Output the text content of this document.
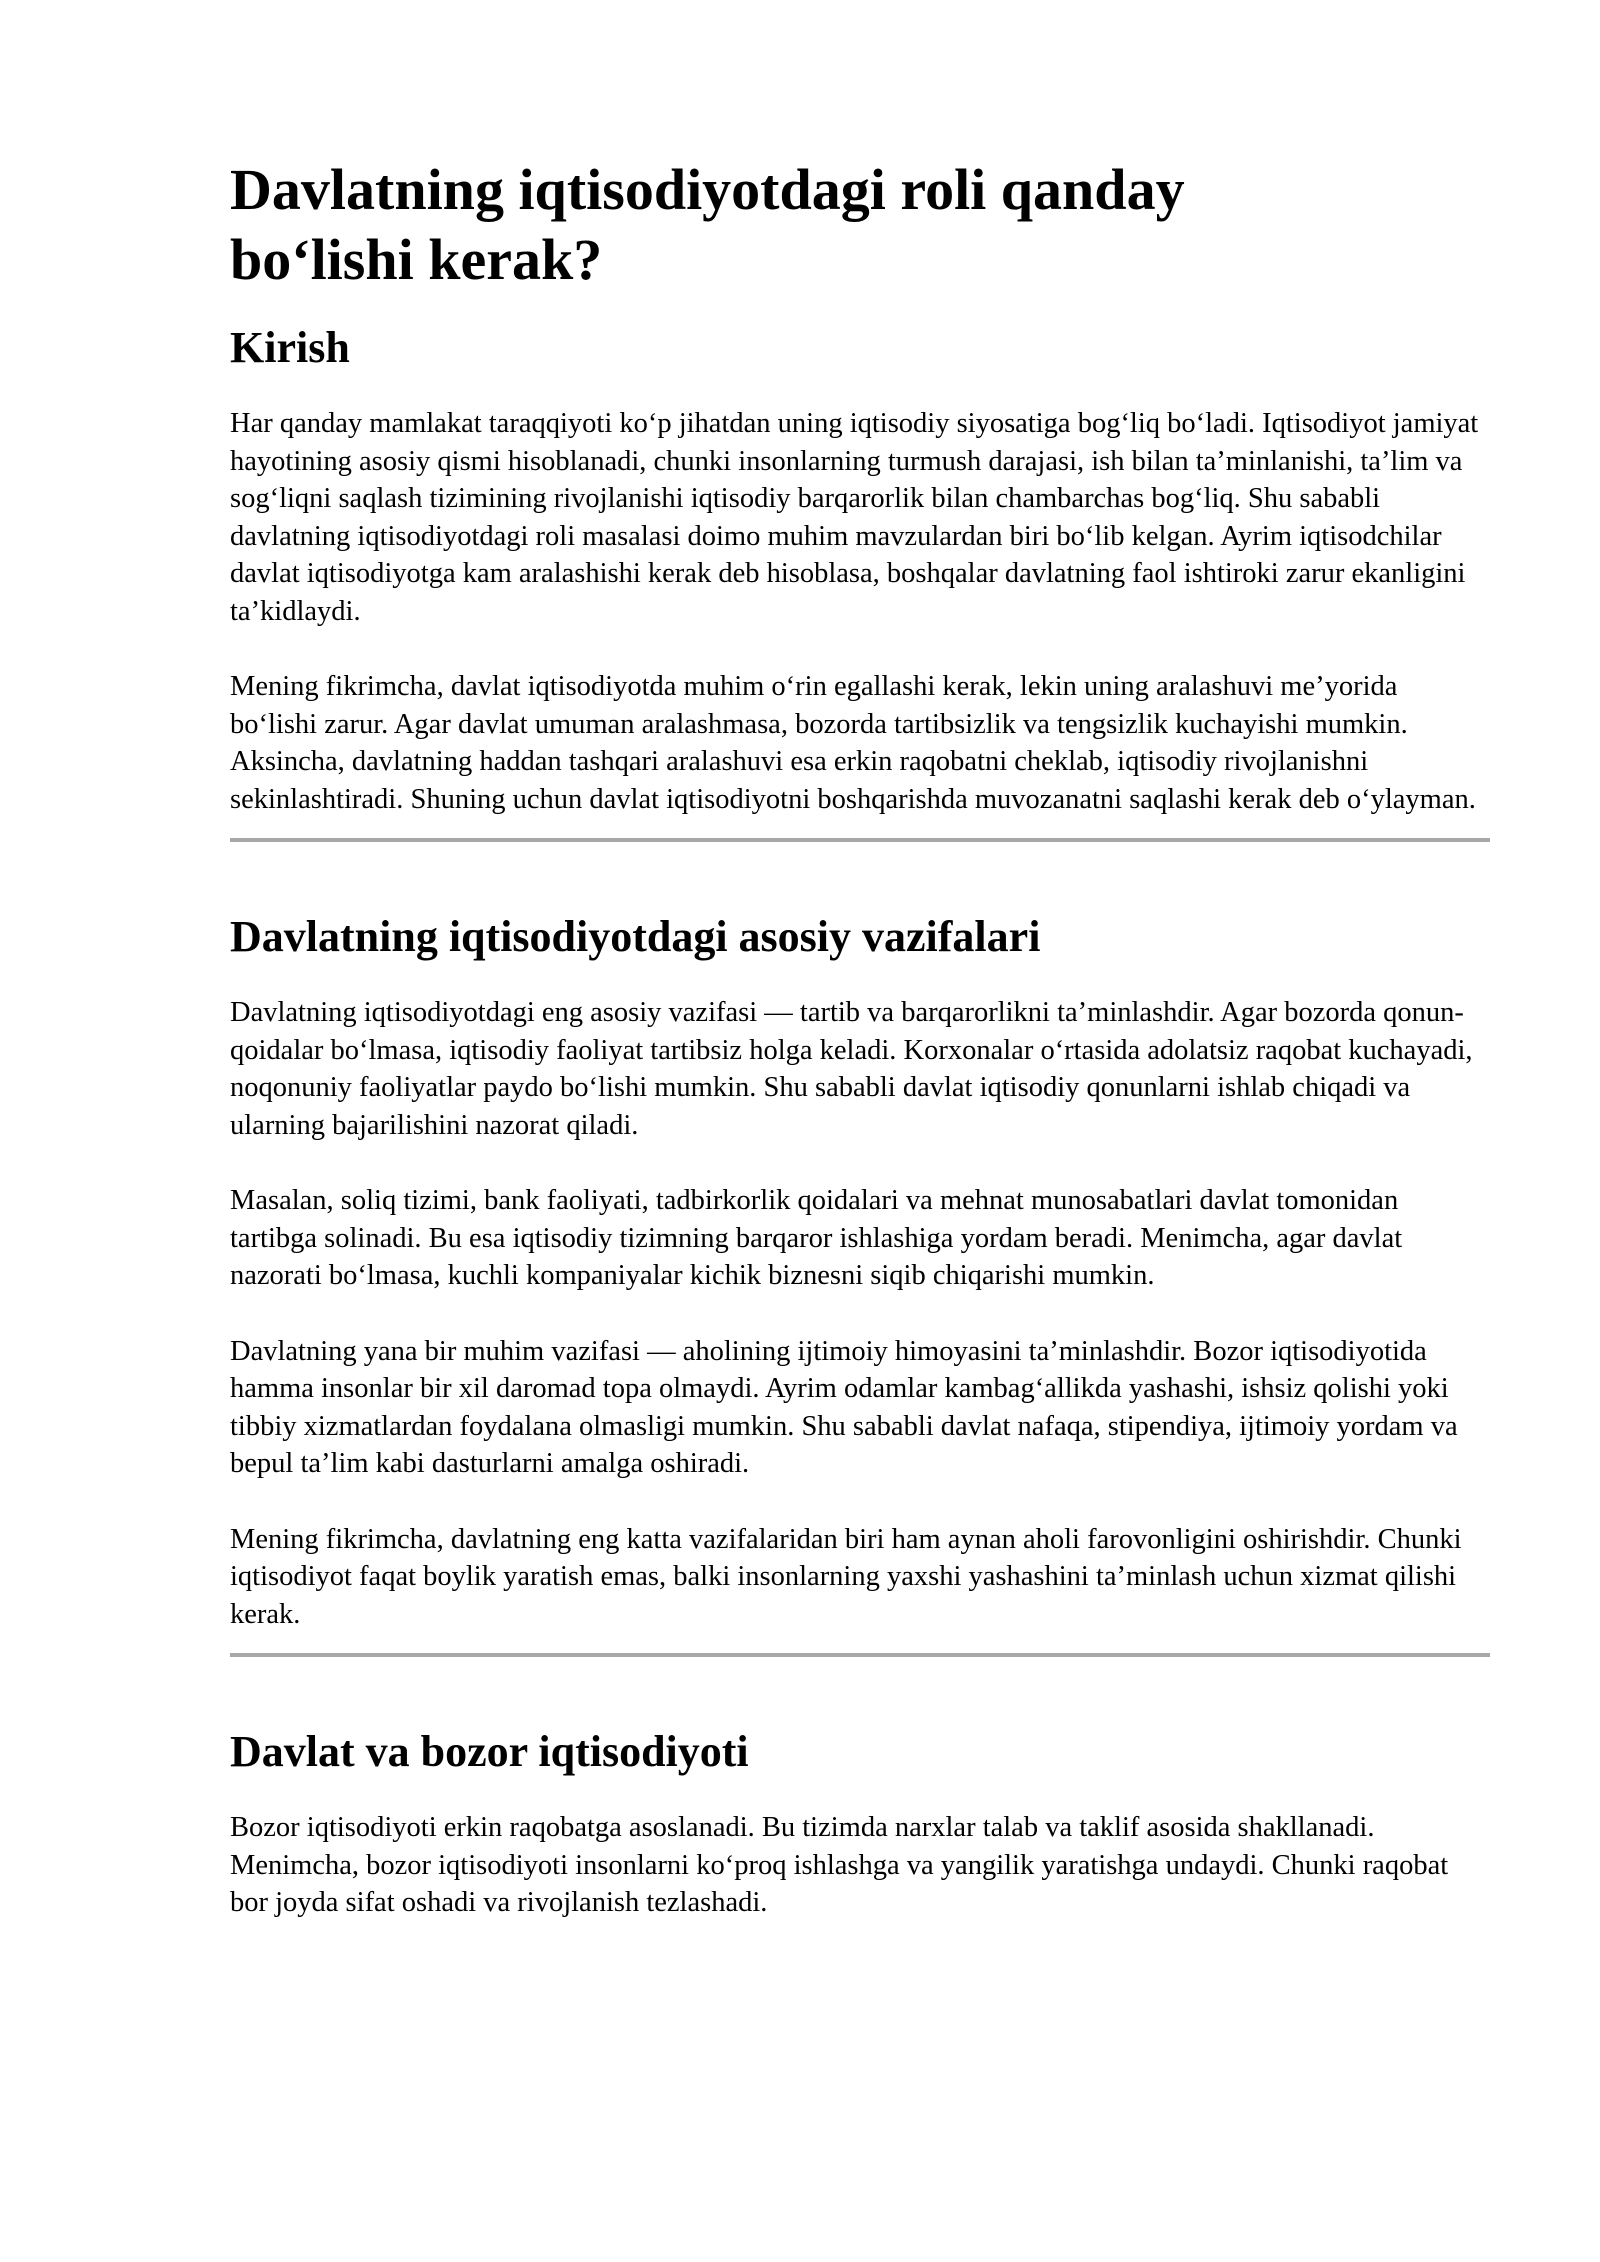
Davlatning iqtisodiyotdagi roli qanday bo‘lishi kerak?
Kirish

Har qanday mamlakat taraqqiyoti ko‘p jihatdan uning iqtisodiy siyosatiga bog‘liq bo‘ladi. Iqtisodiyot jamiyat hayotining asosiy qismi hisoblanadi, chunki insonlarning turmush darajasi, ish bilan ta’minlanishi, ta’lim va sog‘liqni saqlash tizimining rivojlanishi iqtisodiy barqarorlik bilan chambarchas bog‘liq. Shu sababli davlatning iqtisodiyotdagi roli masalasi doimo muhim mavzulardan biri bo‘lib kelgan. Ayrim iqtisodchilar davlat iqtisodiyotga kam aralashishi kerak deb hisoblasa, boshqalar davlatning faol ishtiroki zarur ekanligini ta’kidlaydi.

Mening fikrimcha, davlat iqtisodiyotda muhim o‘rin egallashi kerak, lekin uning aralashuvi me’yorida bo‘lishi zarur. Agar davlat umuman aralashmasa, bozorda tartibsizlik va tengsizlik kuchayishi mumkin. Aksincha, davlatning haddan tashqari aralashuvi esa erkin raqobatni cheklab, iqtisodiy rivojlanishni sekinlashtiradi. Shuning uchun davlat iqtisodiyotni boshqarishda muvozanatni saqlashi kerak deb o‘ylayman.

Davlatning iqtisodiyotdagi asosiy vazifalari

Davlatning iqtisodiyotdagi eng asosiy vazifasi — tartib va barqarorlikni ta’minlashdir. Agar bozorda qonun-qoidalar bo‘lmasa, iqtisodiy faoliyat tartibsiz holga keladi. Korxonalar o‘rtasida adolatsiz raqobat kuchayadi, noqonuniy faoliyatlar paydo bo‘lishi mumkin. Shu sababli davlat iqtisodiy qonunlarni ishlab chiqadi va ularning bajarilishini nazorat qiladi.

Masalan, soliq tizimi, bank faoliyati, tadbirkorlik qoidalari va mehnat munosabatlari davlat tomonidan tartibga solinadi. Bu esa iqtisodiy tizimning barqaror ishlashiga yordam beradi. Menimcha, agar davlat nazorati bo‘lmasa, kuchli kompaniyalar kichik biznesni siqib chiqarishi mumkin.

Davlatning yana bir muhim vazifasi — aholining ijtimoiy himoyasini ta’minlashdir. Bozor iqtisodiyotida hamma insonlar bir xil daromad topa olmaydi. Ayrim odamlar kambag‘allikda yashashi, ishsiz qolishi yoki tibbiy xizmatlardan foydalana olmasligi mumkin. Shu sababli davlat nafaqa, stipendiya, ijtimoiy yordam va bepul ta’lim kabi dasturlarni amalga oshiradi.

Mening fikrimcha, davlatning eng katta vazifalaridan biri ham aynan aholi farovonligini oshirishdir. Chunki iqtisodiyot faqat boylik yaratish emas, balki insonlarning yaxshi yashashini ta’minlash uchun xizmat qilishi kerak.

Davlat va bozor iqtisodiyoti

Bozor iqtisodiyoti erkin raqobatga asoslanadi. Bu tizimda narxlar talab va taklif asosida shakllanadi. Menimcha, bozor iqtisodiyoti insonlarni ko‘proq ishlashga va yangilik yaratishga undaydi. Chunki raqobat bor joyda sifat oshadi va rivojlanish tezlashadi.
